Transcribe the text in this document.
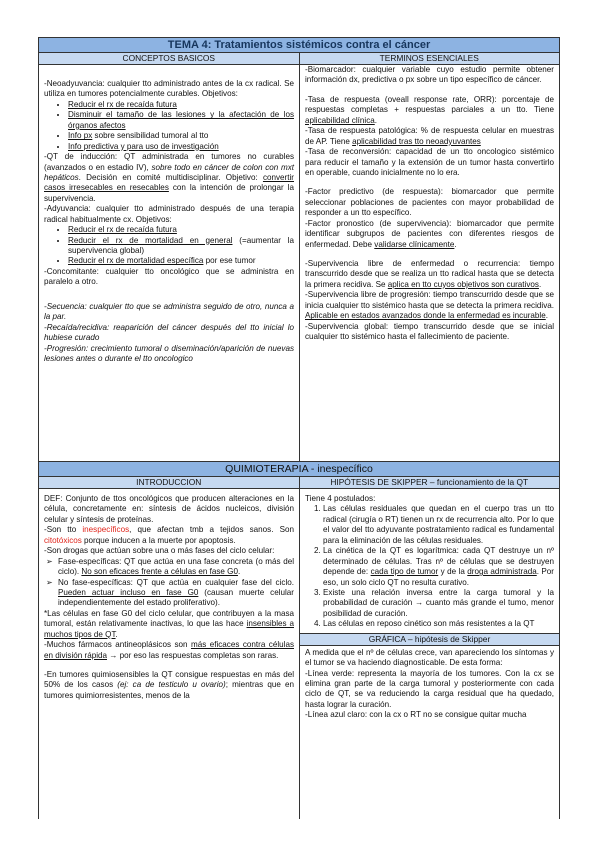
TEMA 4: Tratamientos sistémicos contra el cáncer
CONCEPTOS BASICOS	TERMINOS ESENCIALES

-Neoadyuvancia: cualquier tto administrado antes de la cx radical. Se utiliza en tumores potencialmente curables. Objetivos:

• Reducir el rx de recaída futura
• Disminuir el tamaño de las lesiones y la afectación de los órganos afectos
• Info px sobre sensibilidad tumoral al tto
• Info predictiva y para uso de investigación

-QT de inducción: QT administrada en tumores no curables (avanzados o en estadio IV), sobre todo en cáncer de colon con mxt hepáticos. Decisión en comité multidisciplinar. Objetivo: convertir casos irresecables en resecables con la intención de prolongar la supervivencia.

-Adyuvancia: cualquier tto administrado después de una terapia radical habitualmente cx. Objetivos:

• Reducir el rx de recaída futura
• Reducir el rx de mortalidad en general (=aumentar la supervivencia global)
• Reducir el rx de mortalidad específica por ese tumor

-Concomitante: cualquier tto oncológico que se administra en paralelo a otro.

-Secuencia: cualquier tto que se administra seguido de otro, nunca a la par.

-Recaída/recidiva: reaparición del cáncer después del tto inicial lo hubiese curado

-Progresión: crecimiento tumoral o diseminación/aparición de nuevas lesiones antes o durante el tto oncologico

-Biomarcador: cualquier variable cuyo estudio permite obtener información dx, predictiva o px sobre un tipo específico de cáncer.

-Tasa de respuesta (oveall response rate, ORR): porcentaje de respuestas completas + respuestas parciales a un tto. Tiene aplicabilidad clínica.

-Tasa de respuesta patológica: % de respuesta celular en muestras de AP. Tiene aplicabilidad tras tto neoadyuvantes

-Tasa de reconversión: capacidad de un tto oncologico sistémico para reducir el tamaño y la extensión de un tumor hasta convertirlo en operable, cuando inicialmente no lo era.

-Factor predictivo (de respuesta): biomarcador que permite seleccionar poblaciones de pacientes con mayor probabilidad de responder a un tto específico.

-Factor pronostico (de supervivencia): biomarcador que permite identificar subgrupos de pacientes con diferentes riesgos de enfermedad. Debe validarse clínicamente.

-Supervivencia libre de enfermedad o recurrencia: tiempo transcurrido desde que se realiza un tto radical hasta que se detecta la primera recidiva. Se aplica en tto cuyos objetivos son curativos.

-Supervivencia libre de progresión: tiempo transcurrido desde que se inicia cualquier tto sistémico hasta que se detecta la primera recidiva. Aplicable en estados avanzados donde la enfermedad es incurable.

-Supervivencia global: tiempo transcurrido desde que se inicial cualquier tto sistémico hasta el fallecimiento de paciente.

QUIMIOTERAPIA - inespecífico
INTRODUCCION	HIPÓTESIS DE SKIPPER – funcionamiento de la QT

DEF: Conjunto de ttos oncológicos que producen alteraciones en la célula, concretamente en: síntesis de ácidos nucleicos, división celular y síntesis de proteínas.

-Son tto inespecíficos, que afectan tmb a tejidos sanos. Son citotóxicos porque inducen a la muerte por apoptosis.

-Son drogas que actúan sobre una o más fases del ciclo celular:

➢ Fase-específicas: QT que actúa en una fase concreta (o más del ciclo). No son eficaces frente a células en fase G0.
➢ No fase-específicas: QT que actúa en cualquier fase del ciclo. Pueden actuar incluso en fase G0 (causan muerte celular independientemente del estado proliferativo).

*Las células en fase G0 del ciclo celular, que contribuyen a la masa tumoral, están relativamente inactivas, lo que las hace insensibles a muchos tipos de QT.

-Muchos fármacos antineoplásicos son más eficaces contra células en división rápida → por eso las respuestas completas son raras.

-En tumores quimiosensibles la QT consigue respuestas en más del 50% de los casos (ej: ca de testiculo u ovario); mientras que en tumores quimiorresistentes, menos de la

Tiene 4 postulados:

1. Las células residuales que quedan en el cuerpo tras un tto radical (cirugía o RT) tienen un rx de recurrencia alto. Por lo que el valor del tto adyuvante postratamiento radical es fundamental para la eliminación de las células residuales.
2. La cinética de la QT es logarítmica: cada QT destruye un nº determinado de células. Tras nº de células que se destruyen depende de: cada tipo de tumor y de la droga administrada. Por eso, un solo ciclo QT no resulta curativo.
3. Existe una relación inversa entre la carga tumoral y la probabilidad de curación → cuanto más grande el tumo, menor posibilidad de curación.
4. Las células en reposo cinético son más resistentes a la QT
GRÁFICA – hipótesis de Skipper

A medida que el nº de células crece, van apareciendo los síntomas y el tumor se va haciendo diagnosticable. De esta forma:

-Línea verde: representa la mayoría de los tumores. Con la cx se elimina gran parte de la carga tumoral y posteriormente con cada ciclo de QT, se va reduciendo la carga residual que ha quedado, hasta lograr la curación.

-Línea azul claro: con la cx o RT no se consigue quitar mucha
